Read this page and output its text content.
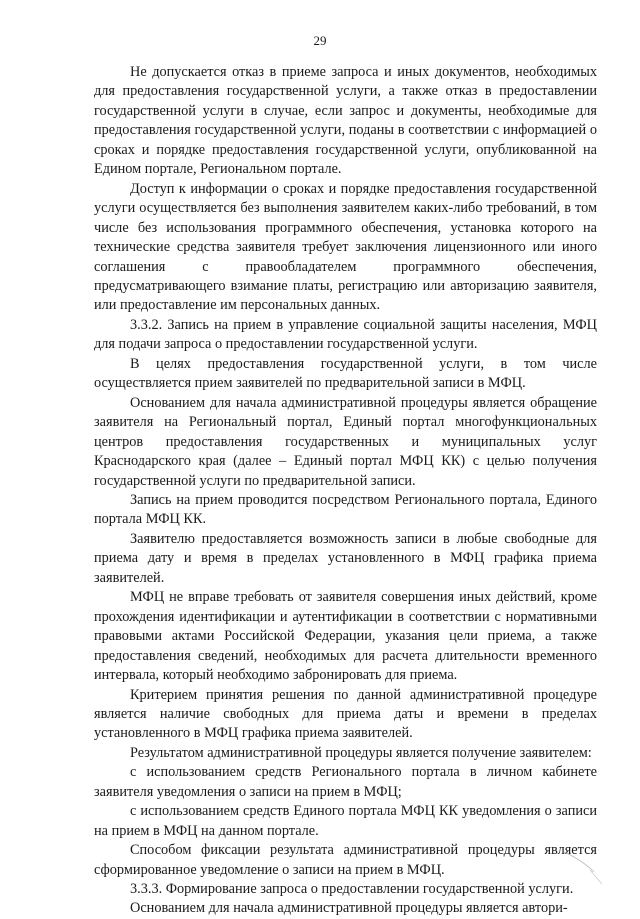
29

Не допускается отказ в приеме запроса и иных документов, необходимых для предоставления государственной услуги, а также отказ в предоставлении государственной услуги в случае, если запрос и документы, необходимые для предоставления государственной услуги, поданы в соответствии с информацией о сроках и порядке предоставления государственной услуги, опубликованной на Едином портале, Региональном портале.

Доступ к информации о сроках и порядке предоставления государственной услуги осуществляется без выполнения заявителем каких-либо требований, в том числе без использования программного обеспечения, установка которого на технические средства заявителя требует заключения лицензионного или иного соглашения с правообладателем программного обеспечения, предусматривающего взимание платы, регистрацию или авторизацию заявителя, или предоставление им персональных данных.

3.3.2. Запись на прием в управление социальной защиты населения, МФЦ для подачи запроса о предоставлении государственной услуги.

В целях предоставления государственной услуги, в том числе осуществляется прием заявителей по предварительной записи в МФЦ.

Основанием для начала административной процедуры является обращение заявителя на Региональный портал, Единый портал многофункциональных центров предоставления государственных и муниципальных услуг Краснодарского края (далее – Единый портал МФЦ КК) с целью получения государственной услуги по предварительной записи.

Запись на прием проводится посредством Регионального портала, Единого портала МФЦ КК.

Заявителю предоставляется возможность записи в любые свободные для приема дату и время в пределах установленного в МФЦ графика приема заявителей.

МФЦ не вправе требовать от заявителя совершения иных действий, кроме прохождения идентификации и аутентификации в соответствии с нормативными правовыми актами Российской Федерации, указания цели приема, а также предоставления сведений, необходимых для расчета длительности временного интервала, который необходимо забронировать для приема.

Критерием принятия решения по данной административной процедуре является наличие свободных для приема даты и времени в пределах установленного в МФЦ графика приема заявителей.

Результатом административной процедуры является получение заявителем:

с использованием средств Регионального портала в личном кабинете заявителя уведомления о записи на прием в МФЦ;

с использованием средств Единого портала МФЦ КК уведомления о записи на прием в МФЦ на данном портале.

Способом фиксации результата административной процедуры является сформированное уведомление о записи на прием в МФЦ.

3.3.3. Формирование запроса о предоставлении государственной услуги.

Основанием для начала административной процедуры является автори-
